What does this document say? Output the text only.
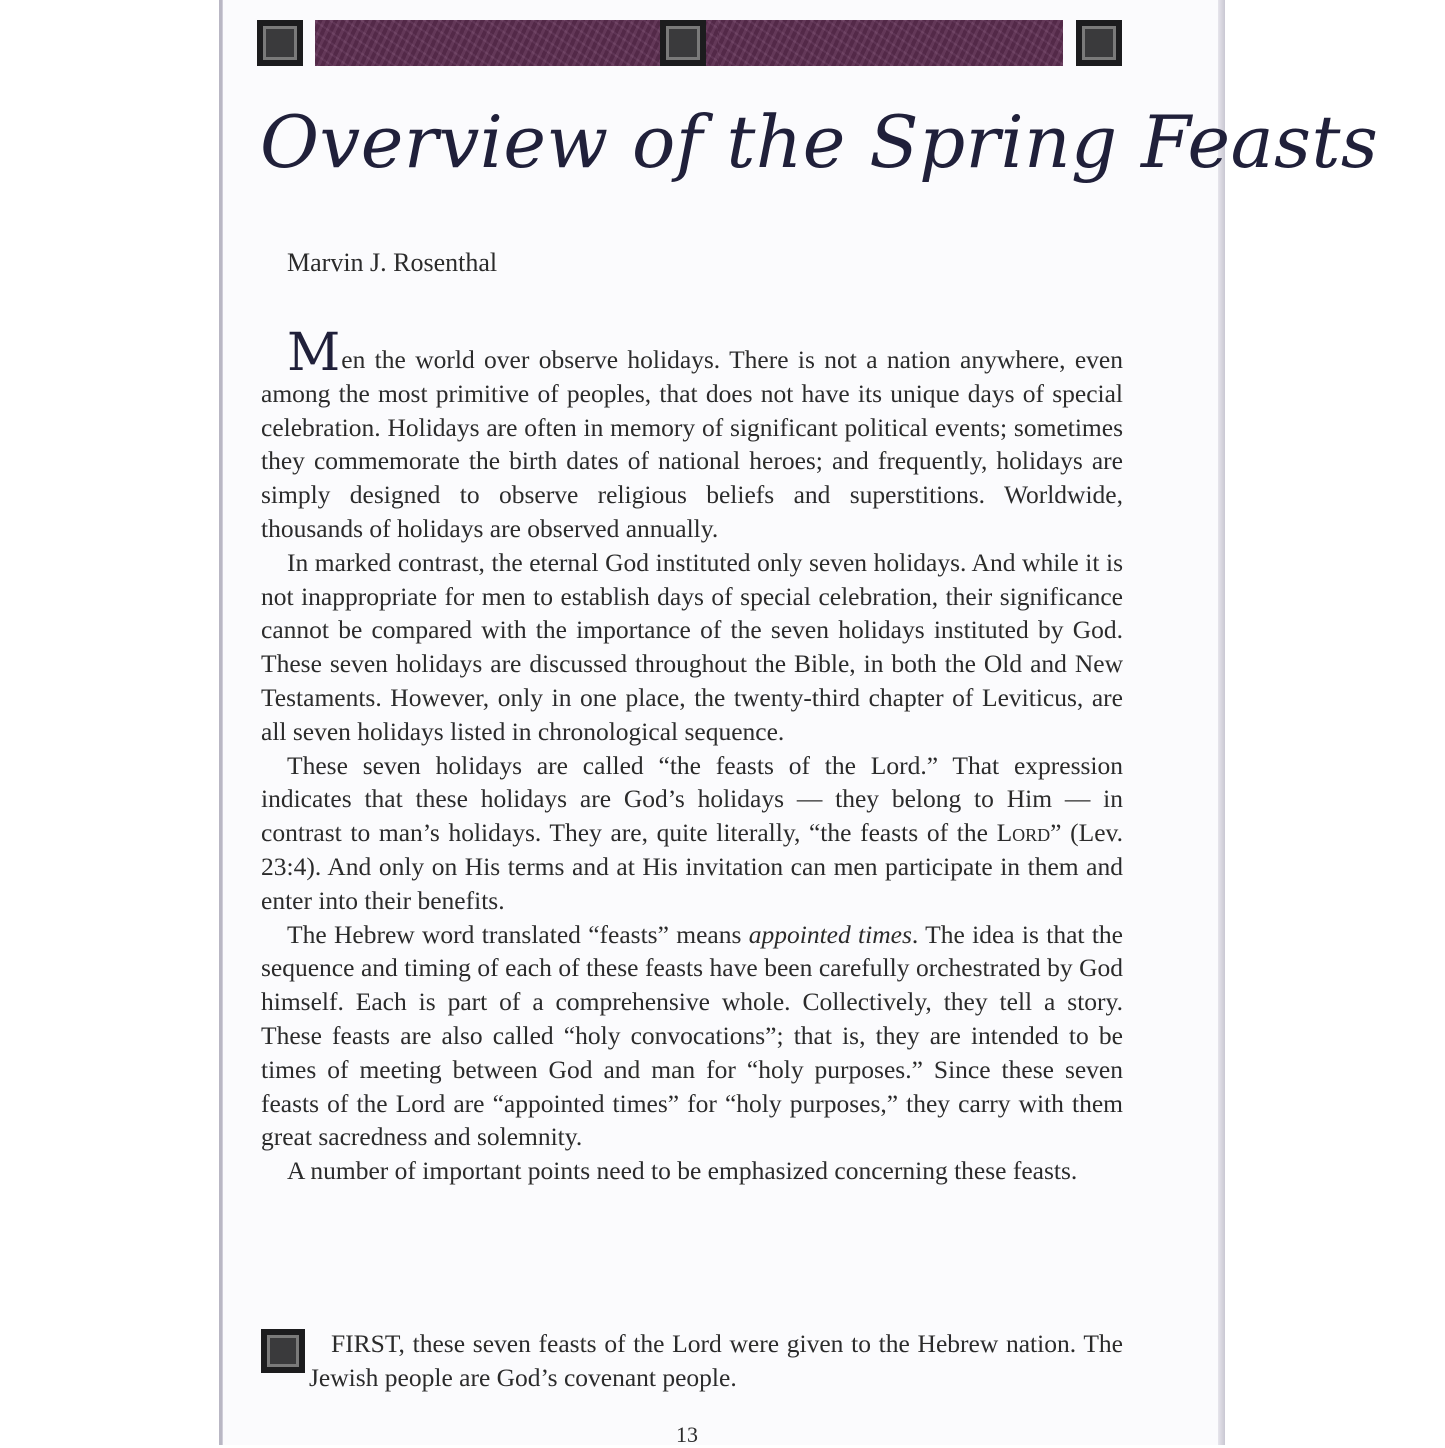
Overview of the Spring Feasts
Marvin J. Rosenthal

Men the world over observe holidays. There is not a nation anywhere, even among the most primitive of peoples, that does not have its unique days of special celebration. Holidays are often in memory of significant political events; sometimes they commemorate the birth dates of national heroes; and frequently, holidays are simply designed to observe religious beliefs and superstitions. Worldwide, thousands of holidays are observed annually.

In marked contrast, the eternal God instituted only seven holidays. And while it is not inappropriate for men to establish days of special celebration, their significance cannot be compared with the importance of the seven holidays instituted by God. These seven holidays are discussed throughout the Bible, in both the Old and New Testaments. However, only in one place, the twenty-third chapter of Leviticus, are all seven holidays listed in chronological sequence.

These seven holidays are called “the feasts of the Lord.” That expression indicates that these holidays are God’s holidays — they belong to Him — in contrast to man’s holidays. They are, quite literally, “the feasts of the Lord” (Lev. 23:4). And only on His terms and at His invitation can men participate in them and enter into their benefits.

The Hebrew word translated “feasts” means appointed times. The idea is that the sequence and timing of each of these feasts have been carefully orchestrated by God himself. Each is part of a comprehensive whole. Collectively, they tell a story. These feasts are also called “holy convocations”; that is, they are intended to be times of meeting between God and man for “holy purposes.” Since these seven feasts of the Lord are “appointed times” for “holy purposes,” they carry with them great sacredness and solemnity.

A number of important points need to be emphasized concerning these feasts.

FIRST, these seven feasts of the Lord were given to the Hebrew nation. The Jewish people are God’s covenant people.

13
